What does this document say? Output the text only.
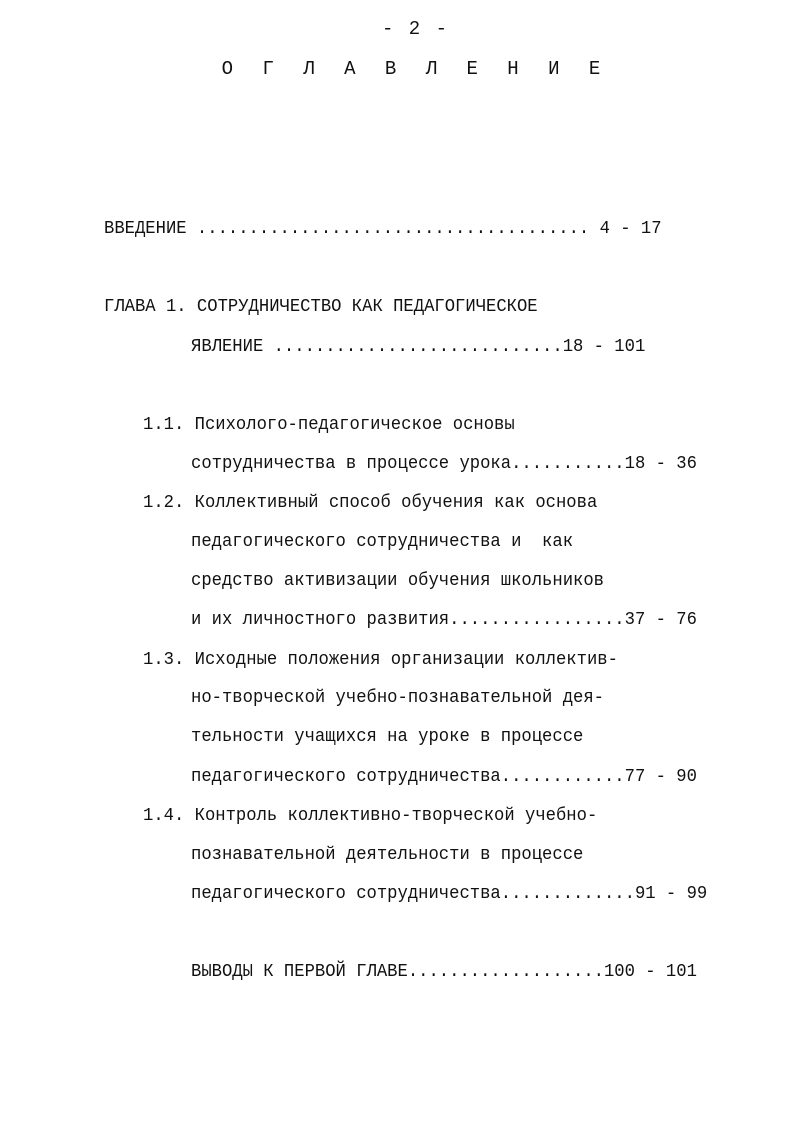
- 2 -
О Г Л А В Л Е Н И Е
ВВЕДЕНИЕ ...................................... 4 - 17
ГЛАВА 1. СОТРУДНИЧЕСТВО КАК ПЕДАГОГИЧЕСКОЕ
ЯВЛЕНИЕ ............................18 - 101
1.1. Психолого-педагогическое основы
сотрудничества в процессе урока...........18 - 36
1.2. Коллективный способ обучения как основа
педагогического сотрудничества и  как
средство активизации обучения школьников
и их личностного развития.................37 - 76
1.3. Исходные положения организации коллектив-
но-творческой учебно-познавательной дея-
тельности учащихся на уроке в процессе
педагогического сотрудничества............77 - 90
1.4. Контроль коллективно-творческой учебно-
познавательной деятельности в процессе
педагогического сотрудничества.............91 - 99
ВЫВОДЫ К ПЕРВОЙ ГЛАВЕ...................100 - 101
